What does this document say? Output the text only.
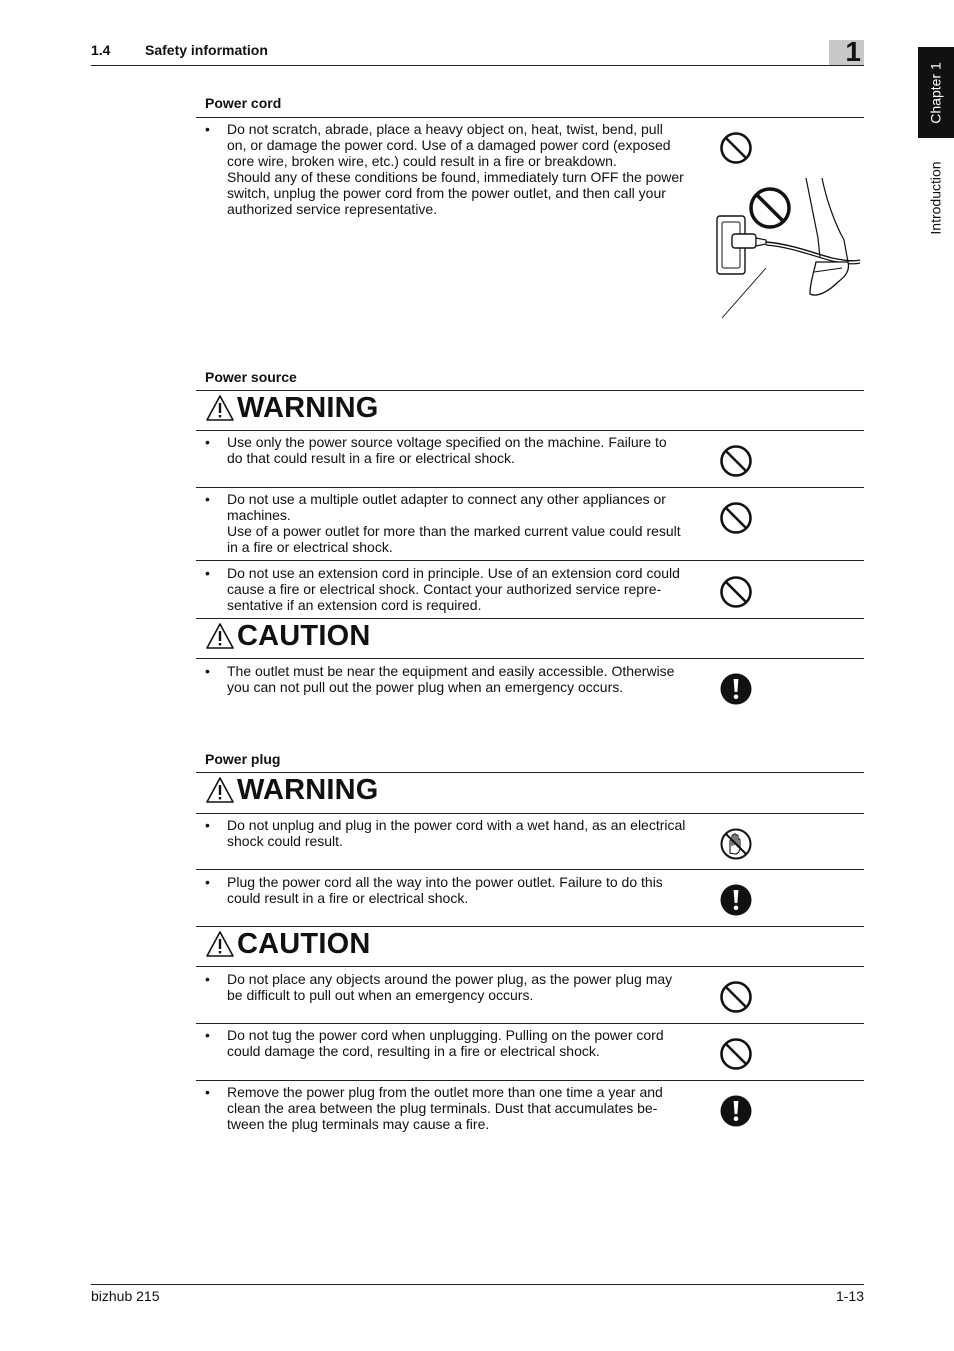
1.4 Safety information	1
Chapter 1
Introduction
Power cord
• Do not scratch, abrade, place a heavy object on, heat, twist, bend, pull
on, or damage the power cord. Use of a damaged power cord (exposed
core wire, broken wire, etc.) could result in a fire or breakdown.
Should any of these conditions be found, immediately turn OFF the power
switch, unplug the power cord from the power outlet, and then call your
authorized service representative.
Power source
WARNING
• Use only the power source voltage specified on the machine. Failure to
do that could result in a fire or electrical shock.
• Do not use a multiple outlet adapter to connect any other appliances or
machines.
Use of a power outlet for more than the marked current value could result
in a fire or electrical shock.
• Do not use an extension cord in principle. Use of an extension cord could
cause a fire or electrical shock. Contact your authorized service repre-
sentative if an extension cord is required.
CAUTION
• The outlet must be near the equipment and easily accessible. Otherwise
you can not pull out the power plug when an emergency occurs.
Power plug
WARNING
• Do not unplug and plug in the power cord with a wet hand, as an electrical
shock could result.
• Plug the power cord all the way into the power outlet. Failure to do this
could result in a fire or electrical shock.
CAUTION
• Do not place any objects around the power plug, as the power plug may
be difficult to pull out when an emergency occurs.
• Do not tug the power cord when unplugging. Pulling on the power cord
could damage the cord, resulting in a fire or electrical shock.
• Remove the power plug from the outlet more than one time a year and
clean the area between the plug terminals. Dust that accumulates be-
tween the plug terminals may cause a fire.
bizhub 215	1-13
